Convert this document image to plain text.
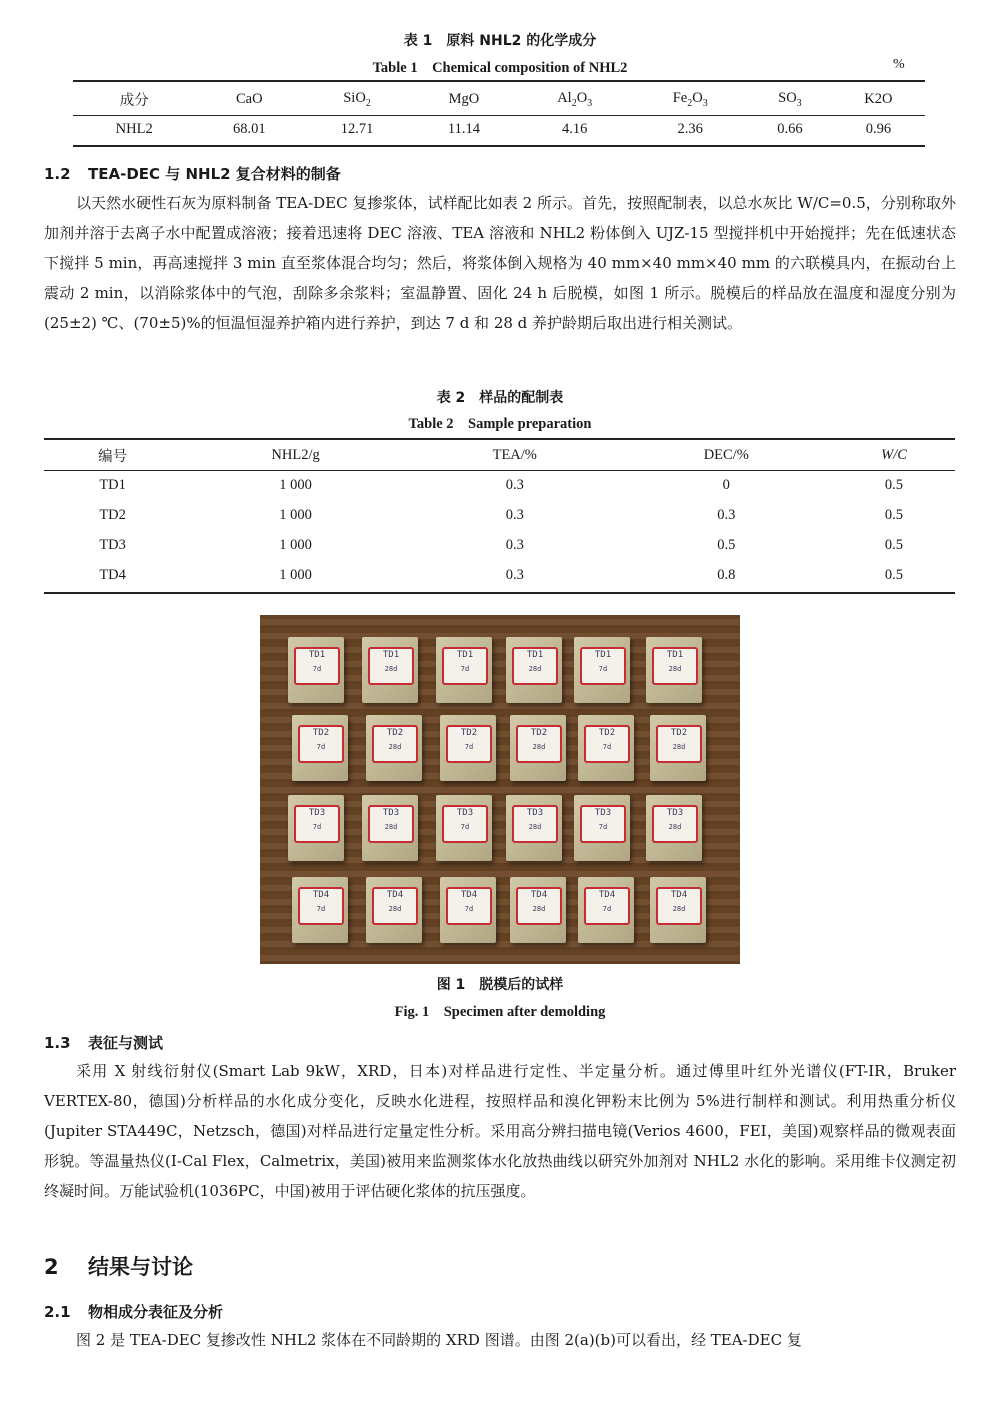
表 1　原料 NHL2 的化学成分
Table 1　Chemical composition of NHL2	%
成分	CaO	SiO$_2$	MgO	$Al_2O_3$	$Fe_2O_3$	$SO_3$	K2O
NHL2	68.01	12.71	11.14	4.16	2.36	0.66	0.96
1.2 TEA-DEC 与 NHL2 复合材料的制备

以天然水硬性石灰为原料制备 TEA-DEC 复掺浆体，试样配比如表 2 所示。首先，按照配制表，以总水灰比 W/C=0.5，分别称取外加剂并溶于去离子水中配置成溶液；接着迅速将 DEC 溶液、TEA 溶液和 NHL2 粉体倒入 UJZ-15 型搅拌机中开始搅拌；先在低速状态下搅拌 5 min，再高速搅拌 3 min 直至浆体混合均匀；然后，将浆体倒入规格为 40 mm×40 mm×40 mm 的六联模具内，在振动台上震动 2 min，以消除浆体中的气泡，刮除多余浆料；室温静置、固化 24 h 后脱模，如图 1 所示。脱模后的样品放在温度和湿度分别为(25±2) ℃、(70±5)%的恒温恒湿养护箱内进行养护，到达 7 d 和 28 d 养护龄期后取出进行相关测试。

表 2　样品的配制表
Table 2　Sample preparation
编号	NHL2/g	TEA/%	DEC/%	W/C
TD1	1 000	0.3	0	0.5
TD2	1 000	0.3	0.3	0.5
TD3	1 000	0.3	0.5	0.5
TD4	1 000	0.3	0.8	0.5
TD1
7d
TD1
28d
TD1
7d
TD1
28d
TD1
7d
TD1
28d
TD2
7d
TD2
28d
TD2
7d
TD2
28d
TD2
7d
TD2
28d
TD3
7d
TD3
28d
TD3
7d
TD3
28d
TD3
7d
TD3
28d
TD4
7d
TD4
28d
TD4
7d
TD4
28d
TD4
7d
TD4
28d
图 1　脱模后的试样
Fig. 1　Specimen after demolding
1.3 表征与测试

采用 X 射线衍射仪(Smart Lab 9kW，XRD，日本)对样品进行定性、半定量分析。通过傅里叶红外光谱仪(FT-IR，Bruker VERTEX-80，德国)分析样品的水化成分变化，反映水化进程，按照样品和溴化钾粉末比例为 5%进行制样和测试。利用热重分析仪(Jupiter STA449C，Netzsch，德国)对样品进行定量定性分析。采用高分辨扫描电镜(Verios 4600，FEI，美国)观察样品的微观表面形貌。等温量热仪(I-Cal Flex，Calmetrix，美国)被用来监测浆体水化放热曲线以研究外加剂对 NHL2 水化的影响。采用维卡仪测定初终凝时间。万能试验机(1036PC，中国)被用于评估硬化浆体的抗压强度。

2 结果与讨论
2.1 物相成分表征及分析

图 2 是 TEA-DEC 复掺改性 NHL2 浆体在不同龄期的 XRD 图谱。由图 2(a)(b)可以看出，经 TEA-DEC 复
